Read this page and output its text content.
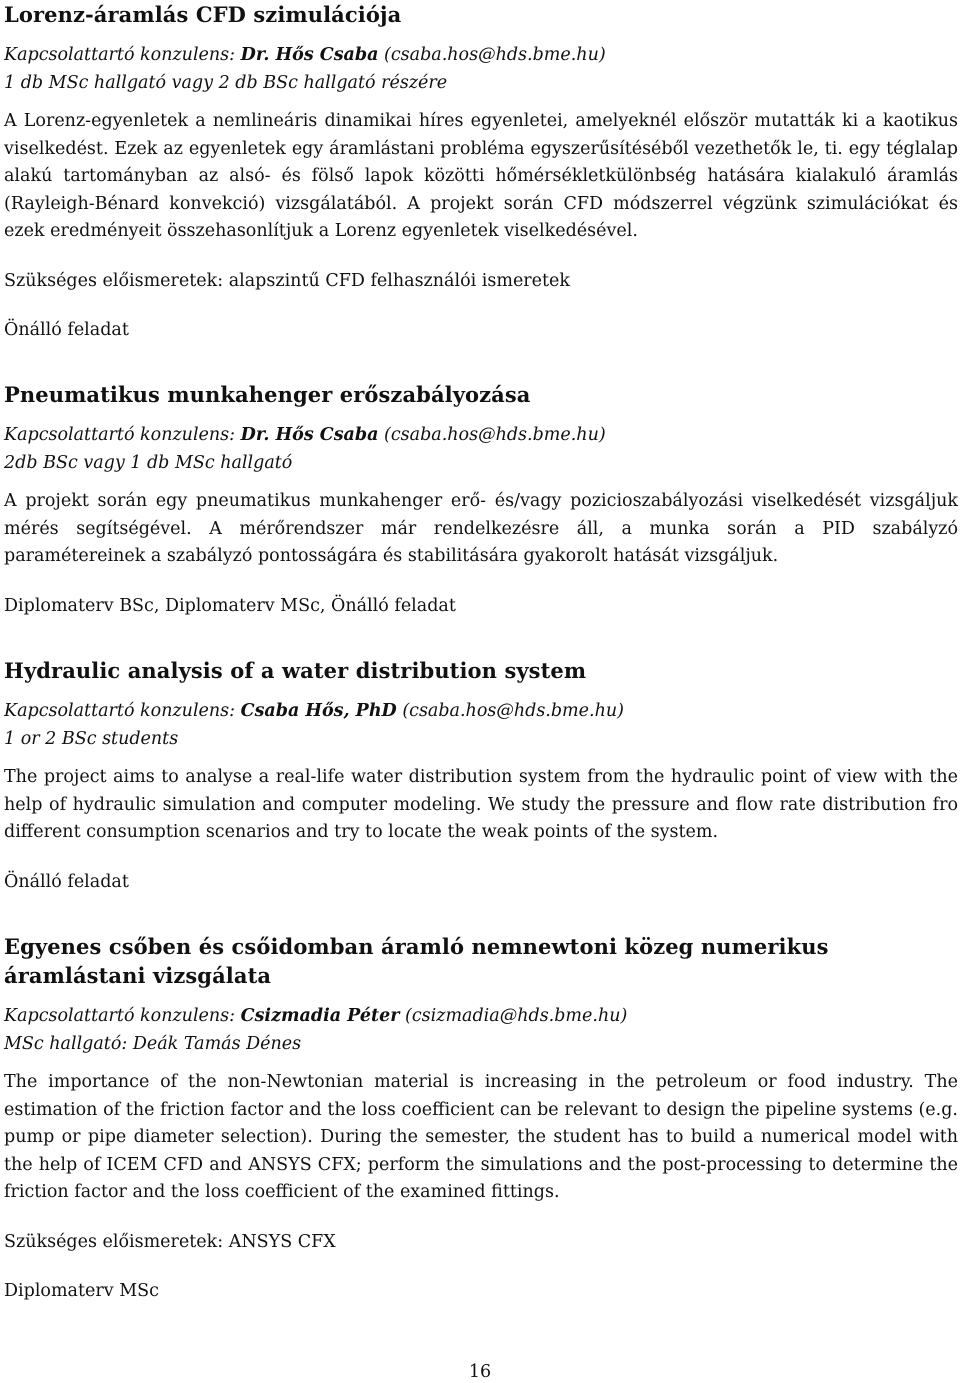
Lorenz-áramlás CFD szimulációja

Kapcsolattartó konzulens: Dr. Hős Csaba (csaba.hos@hds.bme.hu)

1 db MSc hallgató vagy 2 db BSc hallgató részére

A Lorenz-egyenletek a nemlineáris dinamikai híres egyenletei, amelyeknél először mutatták ki a kaotikus viselkedést. Ezek az egyenletek egy áramlástani probléma egyszerűsítéséből vezethetők le, ti. egy téglalap alakú tartományban az alsó- és fölső lapok közötti hőmérsékletkülönbség hatására kialakuló áramlás (Rayleigh-Bénard konvekció) vizsgálatából. A projekt során CFD módszerrel végzünk szimulációkat és ezek eredményeit összehasonlítjuk a Lorenz egyenletek viselkedésével.

Szükséges előismeretek: alapszintű CFD felhasználói ismeretek

Önálló feladat

Pneumatikus munkahenger erőszabályozása

Kapcsolattartó konzulens: Dr. Hős Csaba (csaba.hos@hds.bme.hu)

2db BSc vagy 1 db MSc hallgató

A projekt során egy pneumatikus munkahenger erő- és/vagy pozicioszabályozási viselkedését vizsgáljuk mérés segítségével. A mérőrendszer már rendelkezésre áll, a munka során a PID szabályzó paramétereinek a szabályzó pontosságára és stabilitására gyakorolt hatását vizsgáljuk.

Diplomaterv BSc, Diplomaterv MSc, Önálló feladat

Hydraulic analysis of a water distribution system

Kapcsolattartó konzulens: Csaba Hős, PhD (csaba.hos@hds.bme.hu)

1 or 2 BSc students

The project aims to analyse a real-life water distribution system from the hydraulic point of view with the help of hydraulic simulation and computer modeling. We study the pressure and flow rate distribution fro different consumption scenarios and try to locate the weak points of the system.

Önálló feladat

Egyenes csőben és csőidomban áramló nemnewtoni közeg numerikus áramlástani vizsgálata

Kapcsolattartó konzulens: Csizmadia Péter (csizmadia@hds.bme.hu)

MSc hallgató: Deák Tamás Dénes

The importance of the non-Newtonian material is increasing in the petroleum or food industry. The estimation of the friction factor and the loss coefficient can be relevant to design the pipeline systems (e.g. pump or pipe diameter selection). During the semester, the student has to build a numerical model with the help of ICEM CFD and ANSYS CFX; perform the simulations and the post-processing to determine the friction factor and the loss coefficient of the examined fittings.

Szükséges előismeretek: ANSYS CFX

Diplomaterv MSc

16
